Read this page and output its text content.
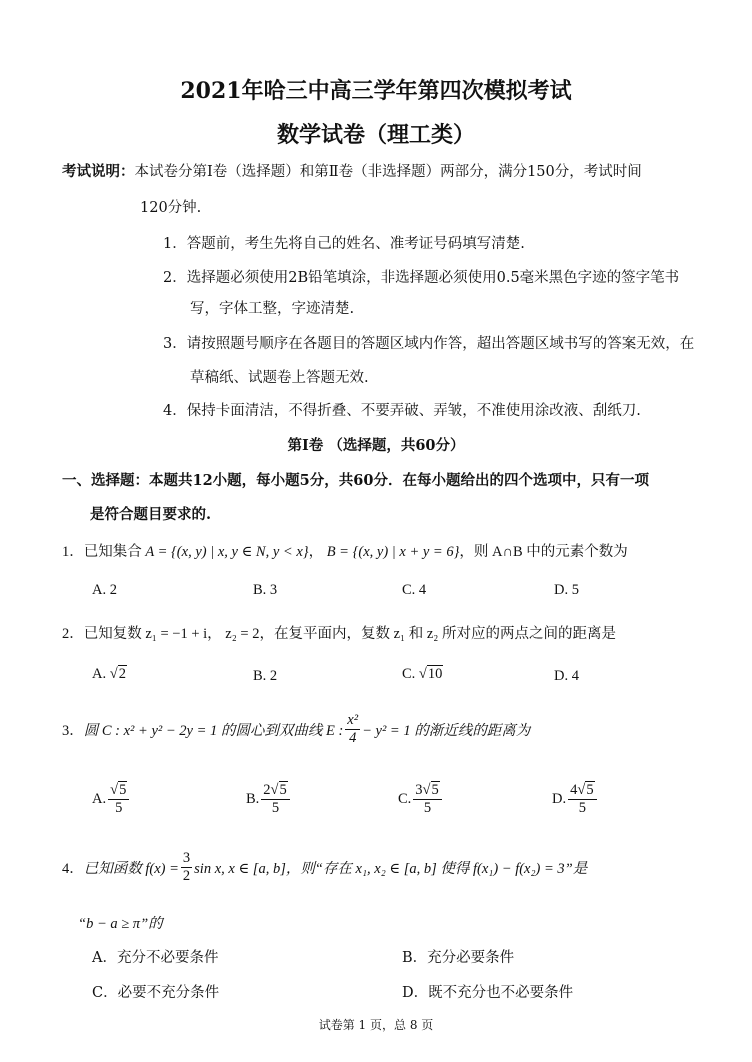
2021年哈三中高三学年第四次模拟考试
数学试卷（理工类）
考试说明：本试卷分第Ⅰ卷（选择题）和第Ⅱ卷（非选择题）两部分，满分150分，考试时间
120分钟.
1．答题前，考生先将自己的姓名、准考证号码填写清楚.
2．选择题必须使用2B铅笔填涂，非选择题必须使用0.5毫米黑色字迹的签字笔书
写，字体工整，字迹清楚.
3．请按照题号顺序在各题目的答题区域内作答，超出答题区域书写的答案无效，在
草稿纸、试题卷上答题无效.
4．保持卡面清洁，不得折叠、不要弄破、弄皱，不准使用涂改液、刮纸刀.
第Ⅰ卷 （选择题，共60分）
一、选择题：本题共12小题，每小题5分，共60分．在每小题给出的四个选项中，只有一项
是符合题目要求的.
1．已知集合 A = {(x, y) | x, y ∈ N, y < x}， B = {(x, y) | x + y = 6}，则 A∩B 中的元素个数为
A. 2	B. 3	C. 4	D. 5
2．已知复数 z₁ = −1 + i， z₂ = 2，在复平面内，复数 z₁ 和 z₂ 所对应的两点之间的距离是
A. √2	B. 2	C. √10	D. 4
3． 圆 C : x² + y² − 2y = 1 的圆心到双曲线 E : $\frac{\text{x²}}{4} - y^2 = 1$ 的渐近线的距离为
A. $\frac{√5}{5}$	B. $\frac{2√5}{5}$	C. $\frac{3√5}{5}$	D. $\frac{4√5}{5}$
4． 已知函数 $f(x) = \frac{3}{2}$ sin x, x ∈ [a, b]，则“存在 x₁, x₂ ∈ [a, b] 使得 f(x₁) − f(x₂) = 3”是
“b − a ≥ π”的
A．充分不必要条件	B．充分必要条件
C．必要不充分条件	D．既不充分也不必要条件
试卷第 1 页，总 8 页
